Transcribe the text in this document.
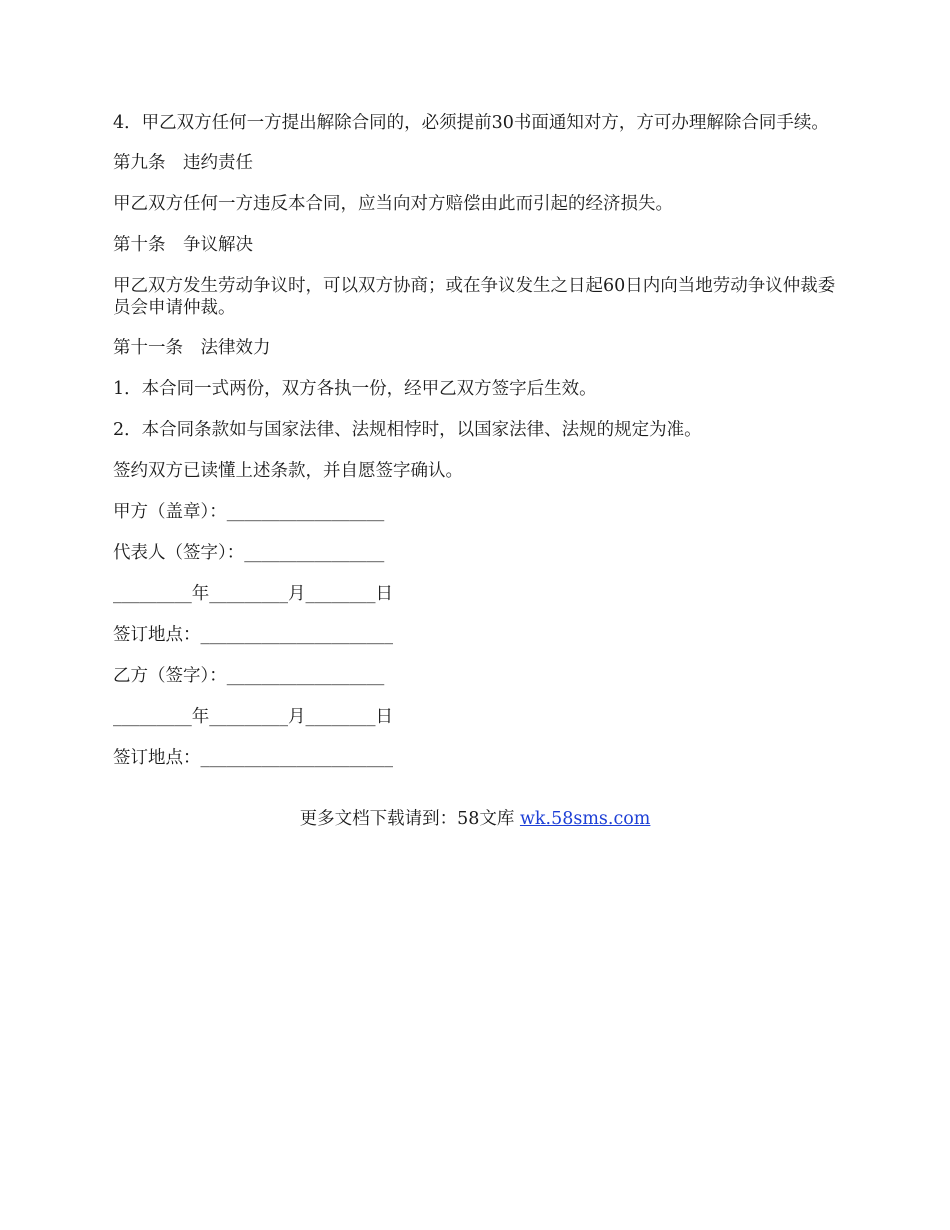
4．甲乙双方任何一方提出解除合同的，必须提前30书面通知对方，方可办理解除合同手续。

第九条　违约责任

甲乙双方任何一方违反本合同，应当向对方赔偿由此而引起的经济损失。

第十条　争议解决

甲乙双方发生劳动争议时，可以双方协商；或在争议发生之日起60日内向当地劳动争议仲裁委员会申请仲裁。

第十一条　法律效力

1．本合同一式两份，双方各执一份，经甲乙双方签字后生效。

2．本合同条款如与国家法律、法规相悖时，以国家法律、法规的规定为准。

签约双方已读懂上述条款，并自愿签字确认。

甲方（盖章）：__________________

代表人（签字）：________________

_________年_________月________日

签订地点：______________________

乙方（签字）：__________________

_________年_________月________日

签订地点：______________________

更多文档下载请到：58文库 wk.58sms.com
